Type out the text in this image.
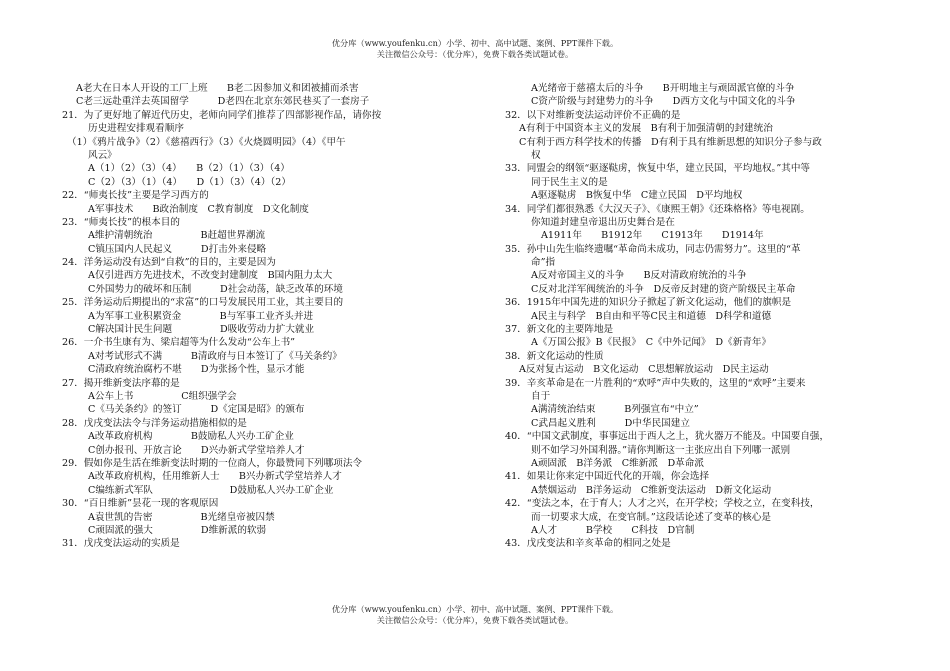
优分库（www.youfenku.cn）小学、初中、高中试题、案例、PPT课件下载。
关注微信公众号：（优分库），免费下载各类试题试卷。
A老大在日本人开设的工厂上班　　B老二因参加义和团被捕而杀害
C老三远赴重洋去英国留学　　　D老四在北京东郊民巷买了一套房子
21．为了更好地了解近代历史，老师向同学们推荐了四部影视作品，请你按
历史进程安排观看顺序
（1）《鸦片战争》（2）《慈禧西行》（3）《火烧圆明园》（4）《甲午
风云》
A（1）（2）（3）（4）　　B（2）（1）（3）（4）
C（2）（3）（1）（4）　　D（1）（3）（4）（2）
22．“师夷长技”主要是学习西方的
A军事技术　　B政治制度　C教育制度　D文化制度
23．“师夷长技”的根本目的
A维护清朝统治　　　　　B赶超世界潮流
C镇压国内人民起义　　　D打击外来侵略
24．洋务运动没有达到“自救”的目的，主要是因为
A仅引进西方先进技术，不改变封建制度　B国内阻力太大
C外国势力的破坏和压制　　　D社会动荡，缺乏改革的环境
25．洋务运动后期提出的“求富”的口号发展民用工业，其主要目的
A为军事工业积累资金　　　　B与军事工业齐头并进
C解决国计民生问题　　　　　D吸收劳动力扩大就业
26．一介书生康有为、梁启超等为什么发动“公车上书”
A对考试形式不满　　　B清政府与日本签订了《马关条约》
C清政府统治腐朽不堪　　D为张扬个性，显示才能
27．揭开维新变法序幕的是
A公车上书　　　　　C组织强学会
C《马关条约》的签订　　　D《定国是昭》的颁布
28．戊戌变法法令与洋务运动措施相似的是
A改革政府机构　　　　B鼓励私人兴办工矿企业
C创办报刊、开放言论　　D兴办新式学堂培养人才
29．假如你是生活在维新变法时期的一位商人，你最赞同下列哪项法令
A改革政府机构，任用维新人士　　B兴办新式学堂培养人才
C编练新式军队　　　　　　　　D鼓励私人兴办工矿企业
30．“百日维新”昙花一现的客观原因
A袁世凯的告密　　　　　B光绪皇帝被囚禁
C顽固派的强大　　　　　D维新派的软弱
31．戊戌变法运动的实质是
A光绪帝于慈禧太后的斗争　　B开明地主与顽固派官僚的斗争
C资产阶级与封建势力的斗争　　D西方文化与中国文化的斗争
32．以下对维新变法运动评价不正确的是
A有利于中国资本主义的发展　B有利于加强清朝的封建统治
C有利于西方科学技术的传播　D有利于具有维新思想的知识分子参与政
权
33．同盟会的纲领“驱逐鞑虏，恢复中华，建立民国，平均地权。”其中等
同于民生主义的是
A驱逐鞑虏　B恢复中华　C建立民国　D平均地权
34．同学们都很熟悉《大汉天子》、《康熙王朝》《还珠格格》等电视剧。
你知道封建皇帝退出历史舞台是在
A1911年　　B1912年　　C1913年　　D1914年
35．孙中山先生临终遗嘱“革命尚未成功，同志仍需努力”。这里的“革
命”指
A反对帝国主义的斗争　　B反对清政府统治的斗争
C反对北洋军阀统治的斗争　D反帝反封建的资产阶级民主革命
36．1915年中国先进的知识分子掀起了新文化运动，他们的旗帜是
A民主与科学　B自由和平等C民主和道德　D科学和道德
37．新文化的主要阵地是
A《万国公报》B《民报》　C《中外记闻》　D《新青年》
38．新文化运动的性质
A反对复古运动　B文化运动　C思想解放运动　D民主运动
39．辛亥革命是在一片胜利的“欢呼”声中失败的，这里的“欢呼”主要来
自于
A满清统治结束　　　B列强宣布“中立”
C武昌起义胜利　　　D中华民国建立
40．“中国文武制度，事事远出于西人之上，犹火器万不能及。中国要自强，
则不如学习外国利器。”请你判断这一主张应出自下列哪一派别
A顽固派　B洋务派　C维新派　D革命派
41．如果让你来定中国近代化的开端，你会选择
A禁烟运动　B洋务运动　C维新变法运动　D新文化运动
42．“变法之本，在于育人；人才之兴，在开学校；学校之立，在变科技，
而一切要求大成，在变官制。”这段话论述了变革的核心是
A人才　　　B学校　　C科技　D官制
43．戊戌变法和辛亥革命的相同之处是
优分库（www.youfenku.cn）小学、初中、高中试题、案例、PPT课件下载。
关注微信公众号：（优分库），免费下载各类试题试卷。
